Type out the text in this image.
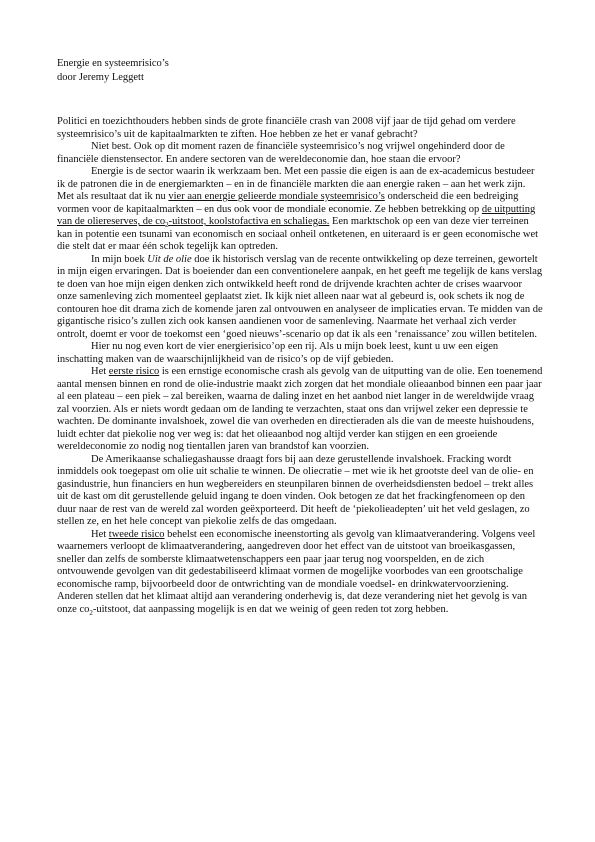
Energie en systeemrisico’s
door Jeremy Leggett

Politici en toezichthouders hebben sinds de grote financiële crash van 2008 vijf jaar de tijd gehad om verdere systeemrisico’s uit de kapitaalmarkten te ziften. Hoe hebben ze het er vanaf gebracht?

Niet best. Ook op dit moment razen de financiële systeemrisico’s nog vrijwel ongehinderd door de financiële dienstensector. En andere sectoren van de wereldeconomie dan, hoe staan die ervoor?

Energie is de sector waarin ik werkzaam ben. Met een passie die eigen is aan de ex-academicus bestudeer ik de patronen die in de energiemarkten – en in de financiële markten die aan energie raken – aan het werk zijn. Met als resultaat dat ik nu vier aan energie gelieerde mondiale systeemrisico’s onderscheid die een bedreiging vormen voor de kapitaalmarkten – en dus ook voor de mondiale economie. Ze hebben betrekking op de uitputting van de oliereserves, de $co_2$-uitstoot, koolstofactiva en schaliegas. Een marktschok op een van deze vier terreinen kan in potentie een tsunami van economisch en sociaal onheil ontketenen, en uiteraard is er geen economische wet die stelt dat er maar één schok tegelijk kan optreden.

In mijn boek Uit de olie doe ik historisch verslag van de recente ontwikkeling op deze terreinen, gewortelt in mijn eigen ervaringen. Dat is boeiender dan een conventionelere aanpak, en het geeft me tegelijk de kans verslag te doen van hoe mijn eigen denken zich ontwikkeld heeft rond de drijvende krachten achter de crises waarvoor onze samenleving zich momenteel geplaatst ziet. Ik kijk niet alleen naar wat al gebeurd is, ook schets ik nog de contouren hoe dit drama zich de komende jaren zal ontvouwen en analyseer de implicaties ervan. Te midden van de gigantische risico’s zullen zich ook kansen aandienen voor de samenleving. Naarmate het verhaal zich verder ontrolt, doemt er voor de toekomst een ‘goed nieuws’-scenario op dat ik als een ‘renaissance’ zou willen betitelen.

Hier nu nog even kort de vier energierisico’op een rij. Als u mijn boek leest, kunt u uw een eigen inschatting maken van de waarschijnlijkheid van de risico’s op de vijf gebieden.

Het eerste risico is een ernstige economische crash als gevolg van de uitputting van de olie. Een toenemend aantal mensen binnen en rond de olie-industrie maakt zich zorgen dat het mondiale olieaanbod binnen een paar jaar al een plateau – een piek – zal bereiken, waarna de daling inzet en het aanbod niet langer in de wereldwijde vraag zal voorzien. Als er niets wordt gedaan om de landing te verzachten, staat ons dan vrijwel zeker een depressie te wachten. De dominante invalshoek, zowel die van overheden en directieraden als die van de meeste huishoudens, luidt echter dat piekolie nog ver weg is: dat het olieaanbod nog altijd verder kan stijgen en een groeiende wereldeconomie zo nodig nog tientallen jaren van brandstof kan voorzien.

De Amerikaanse schaliegashausse draagt fors bij aan deze gerustellende invalshoek. Fracking wordt inmiddels ook toegepast om olie uit schalie te winnen. De oliecratie – met wie ik het grootste deel van de olie- en gasindustrie, hun financiers en hun wegbereiders en steunpilaren binnen de overheidsdiensten bedoel – trekt alles uit de kast om dit gerustellende geluid ingang te doen vinden. Ook betogen ze dat het frackingfenomeen op den duur naar de rest van de wereld zal worden geëxporteerd. Dit heeft de ‘piekolieadepten’ uit het veld geslagen, zo stellen ze, en het hele concept van piekolie zelfs de das omgedaan.

Het tweede risico behelst een economische ineenstorting als gevolg van klimaatverandering. Volgens veel waarnemers verloopt de klimaatverandering, aangedreven door het effect van de uitstoot van broeikasgassen, sneller dan zelfs de somberste klimaatwetenschappers een paar jaar terug nog voorspelden, en de zich ontvouwende gevolgen van dit gedestabiliseerd klimaat vormen de mogelijke voorbodes van een grootschalige economische ramp, bijvoorbeeld door de ontwrichting van de mondiale voedsel- en drinkwatervoorziening. Anderen stellen dat het klimaat altijd aan verandering onderhevig is, dat deze verandering niet het gevolg is van onze $co_2$-uitstoot, dat aanpassing mogelijk is en dat we weinig of geen reden tot zorg hebben.
